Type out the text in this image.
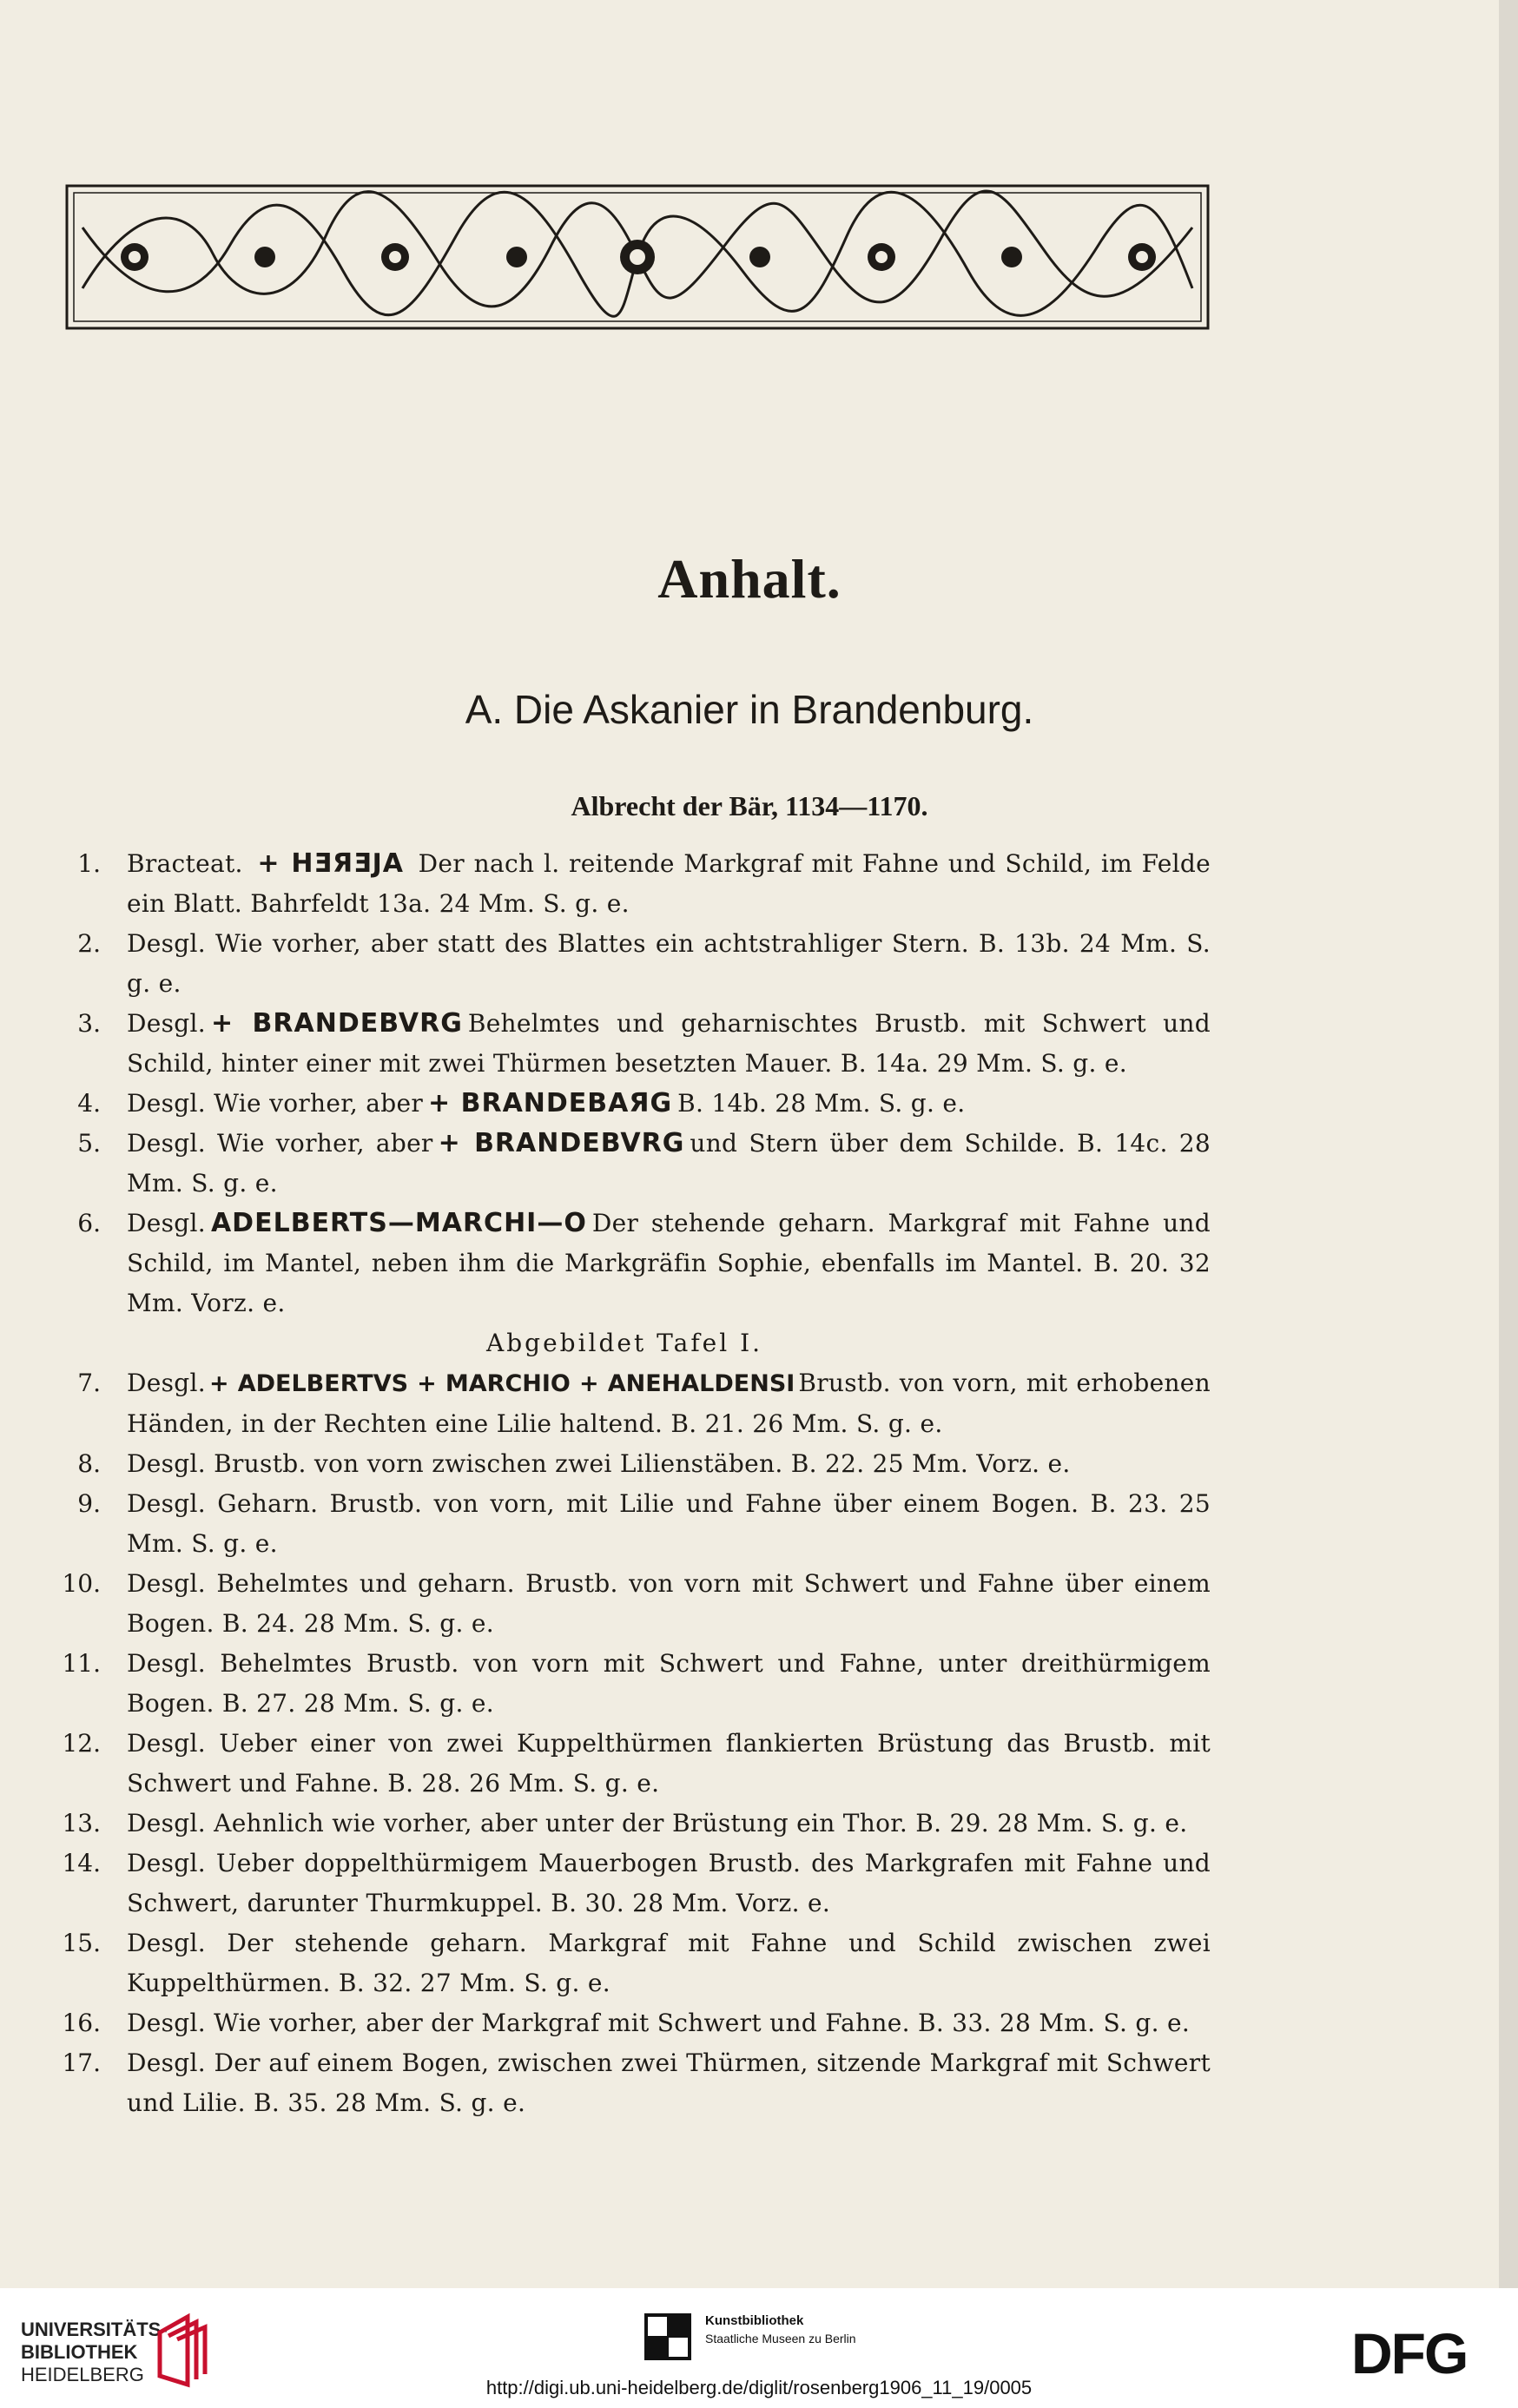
Anhalt.
A. Die Askanier in Brandenburg.
Albrecht der Bär, 1134—1170.
1. Bracteat. + HƎЯƎJA Der nach l. reitende Markgraf mit Fahne und Schild, im Felde ein Blatt. Bahrfeldt 13a. 24 Mm. S. g. e.
2. Desgl. Wie vorher, aber statt des Blattes ein achtstrahliger Stern. B. 13b. 24 Mm. S. g. e.
3. Desgl. + BRANDEBVRG Behelmtes und geharnischtes Brustb. mit Schwert und Schild, hinter einer mit zwei Thürmen besetzten Mauer. B. 14a. 29 Mm. S. g. e.
4. Desgl. Wie vorher, aber + BRANDEBAЯG B. 14b. 28 Mm. S. g. e.
5. Desgl. Wie vorher, aber + BRANDEBVRG und Stern über dem Schilde. B. 14c. 28 Mm. S. g. e.
6. Desgl. ADELBERTS—MARCHI—O Der stehende geharn. Markgraf mit Fahne und Schild, im Mantel, neben ihm die Markgräfin Sophie, ebenfalls im Mantel. B. 20. 32 Mm. Vorz. e.
Abgebildet Tafel I.
7. Desgl. + ADELBERTVS + MARCHIO + ANEHALDENSI Brustb. von vorn, mit erhobenen Händen, in der Rechten eine Lilie haltend. B. 21. 26 Mm. S. g. e.
8. Desgl. Brustb. von vorn zwischen zwei Lilienstäben. B. 22. 25 Mm. Vorz. e.
9. Desgl. Geharn. Brustb. von vorn, mit Lilie und Fahne über einem Bogen. B. 23. 25 Mm. S. g. e.
10. Desgl. Behelmtes und geharn. Brustb. von vorn mit Schwert und Fahne über einem Bogen. B. 24. 28 Mm. S. g. e.
11. Desgl. Behelmtes Brustb. von vorn mit Schwert und Fahne, unter dreithürmigem Bogen. B. 27. 28 Mm. S. g. e.
12. Desgl. Ueber einer von zwei Kuppelthürmen flankierten Brüstung das Brustb. mit Schwert und Fahne. B. 28. 26 Mm. S. g. e.
13. Desgl. Aehnlich wie vorher, aber unter der Brüstung ein Thor. B. 29. 28 Mm. S. g. e.
14. Desgl. Ueber doppelthürmigem Mauerbogen Brustb. des Markgrafen mit Fahne und Schwert, darunter Thurmkuppel. B. 30. 28 Mm. Vorz. e.
15. Desgl. Der stehende geharn. Markgraf mit Fahne und Schild zwischen zwei Kuppelthürmen. B. 32. 27 Mm. S. g. e.
16. Desgl. Wie vorher, aber der Markgraf mit Schwert und Fahne. B. 33. 28 Mm. S. g. e.
17. Desgl. Der auf einem Bogen, zwischen zwei Thürmen, sitzende Markgraf mit Schwert und Lilie. B. 35. 28 Mm. S. g. e.
UNIVERSITÄTS-
BIBLIOTHEK
HEIDELBERG
Kunstbibliothek
Staatliche Museen zu Berlin	DFG
http://digi.ub.uni-heidelberg.de/diglit/rosenberg1906_11_19/0005
